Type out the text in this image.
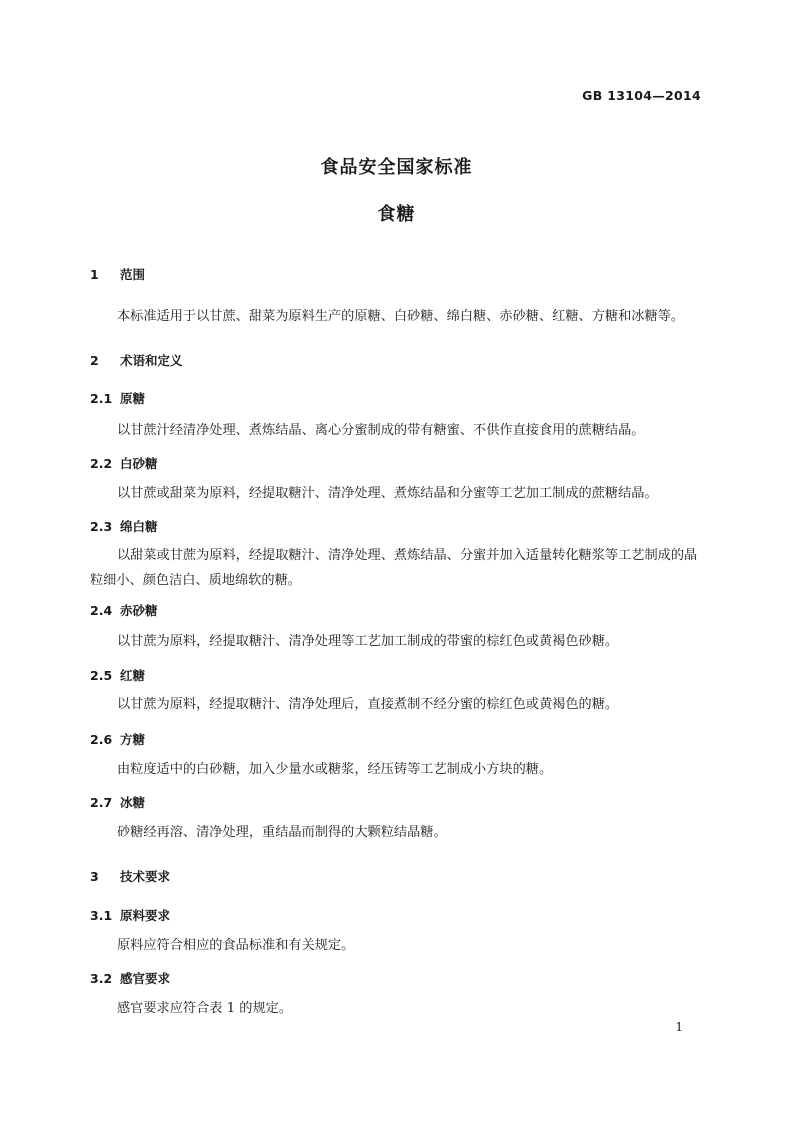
GB 13104—2014
食品安全国家标准
食糖
1 范围
本标准适用于以甘蔗、甜菜为原料生产的原糖、白砂糖、绵白糖、赤砂糖、红糖、方糖和冰糖等。
2 术语和定义
2.1 原糖
以甘蔗汁经清净处理、煮炼结晶、离心分蜜制成的带有糖蜜、不供作直接食用的蔗糖结晶。
2.2 白砂糖
以甘蔗或甜菜为原料，经提取糖汁、清净处理、煮炼结晶和分蜜等工艺加工制成的蔗糖结晶。
2.3 绵白糖
以甜菜或甘蔗为原料，经提取糖汁、清净处理、煮炼结晶、分蜜并加入适量转化糖浆等工艺制成的晶粒细小、颜色洁白、质地绵软的糖。
2.4 赤砂糖
以甘蔗为原料，经提取糖汁、清净处理等工艺加工制成的带蜜的棕红色或黄褐色砂糖。
2.5 红糖
以甘蔗为原料，经提取糖汁、清净处理后，直接煮制不经分蜜的棕红色或黄褐色的糖。
2.6 方糖
由粒度适中的白砂糖，加入少量水或糖浆，经压铸等工艺制成小方块的糖。
2.7 冰糖
砂糖经再溶、清净处理，重结晶而制得的大颗粒结晶糖。
3 技术要求
3.1 原料要求
原料应符合相应的食品标准和有关规定。
3.2 感官要求
感官要求应符合表 1 的规定。
1
